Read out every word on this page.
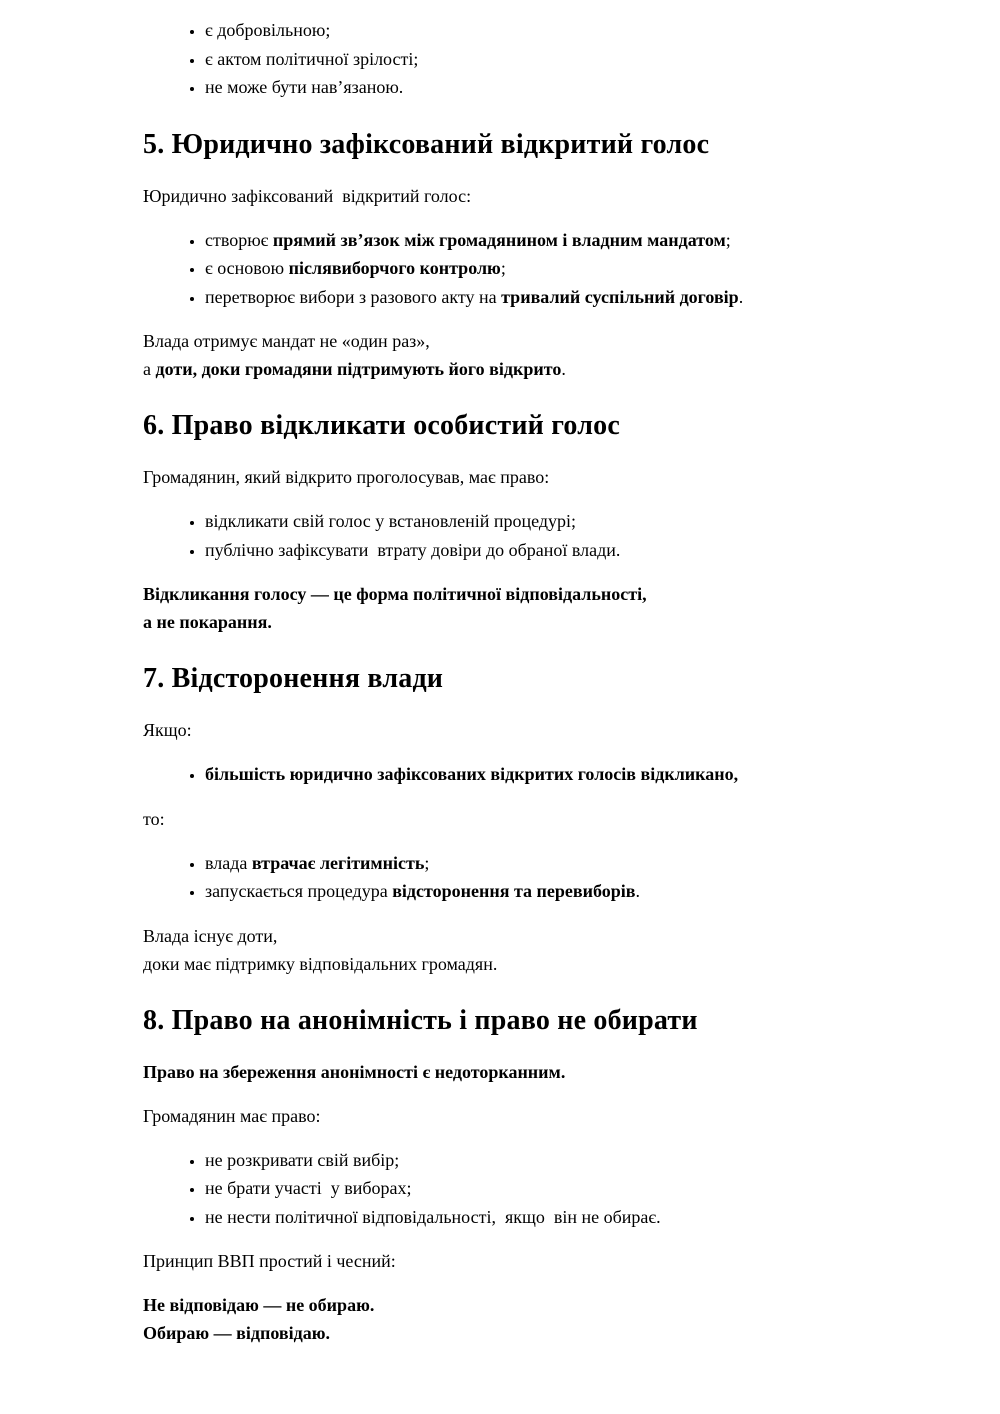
• є добровільною;
• є актом політичної зрілості;
• не може бути нав’язаною.
5. Юридично зафіксований відкритий голос

Юридично зафіксований  відкритий голос:

• створює прямий зв’язок між громадянином і владним мандатом;
• є основою післявиборчого контролю;
• перетворює вибори з разового акту на тривалий суспільний договір.

Влада отримує мандат не «один раз»,
а доти, доки громадяни підтримують його відкрито.

6. Право відкликати особистий голос

Громадянин, який відкрито проголосував, має право:

• відкликати свій голос у встановленій процедурі;
• публічно зафіксувати  втрату довіри до обраної влади.

Відкликання голосу — це форма політичної відповідальності,
а не покарання.

7. Відсторонення влади

Якщо:

• більшість юридично зафіксованих відкритих голосів відкликано,

то:

• влада втрачає легітимність;
• запускається процедура відсторонення та перевиборів.

Влада існує доти,
доки має підтримку відповідальних громадян.

8. Право на анонімність і право не обирати

Право на збереження анонімності є недоторканним.

Громадянин має право:

• не розкривати свій вибір;
• не брати участі  у виборах;
• не нести політичної відповідальності,  якщо  він не обирає.

Принцип ВВП простий і чесний:

Не відповідаю — не обираю.
Обираю — відповідаю.
